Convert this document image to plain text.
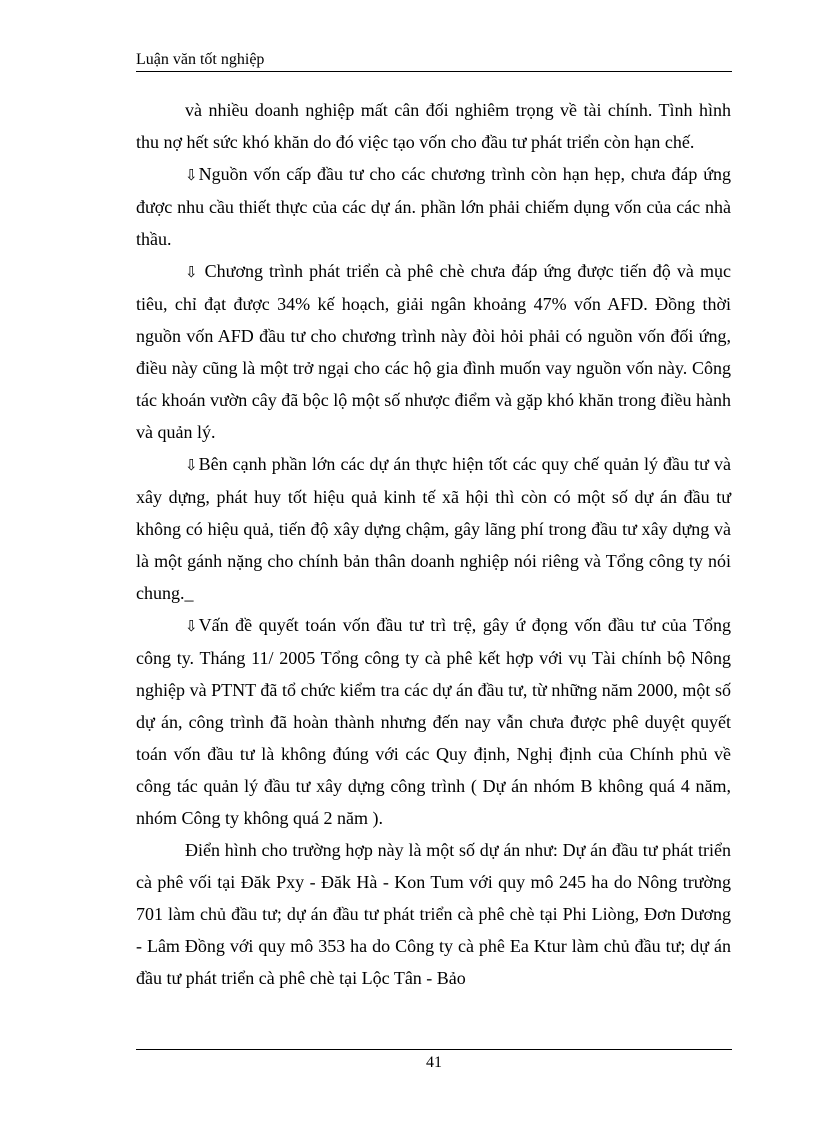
Luận văn tốt nghiệp

và nhiều doanh nghiệp mất cân đối nghiêm trọng về tài chính. Tình hình thu nợ hết sức khó khăn do đó việc tạo vốn cho đầu tư phát triển còn hạn chế.

⇩Nguồn vốn cấp đầu tư cho các chương trình còn hạn hẹp, chưa đáp ứng được nhu cầu thiết thực của các dự án. phần lớn phải chiếm dụng vốn của các nhà thầu.

⇩ Chương trình phát triển cà phê chè chưa đáp ứng được tiến độ và mục tiêu, chỉ đạt được 34% kế hoạch, giải ngân khoảng 47% vốn AFD. Đồng thời nguồn vốn AFD đầu tư cho chương trình này đòi hỏi phải có nguồn vốn đối ứng, điều này cũng là một trở ngại cho các hộ gia đình muốn vay nguồn vốn này. Công tác khoán vườn cây đã bộc lộ một số nhược điểm và gặp khó khăn trong điều hành và quản lý.

⇩Bên cạnh phần lớn các dự án thực hiện tốt các quy chế quản lý đầu tư và xây dựng, phát huy tốt hiệu quả kinh tế xã hội thì còn có một số dự án đầu tư không có hiệu quả, tiến độ xây dựng chậm, gây lãng phí trong đầu tư xây dựng và là một gánh nặng cho chính bản thân doanh nghiệp nói riêng và Tổng công ty nói chung._

⇩Vấn đề quyết toán vốn đầu tư trì trệ, gây ứ đọng vốn đầu tư của Tổng công ty. Tháng 11/ 2005 Tổng công ty cà phê kết hợp với vụ Tài chính bộ Nông nghiệp và PTNT đã tổ chức kiểm tra các dự án đầu tư, từ những năm 2000, một số dự án, công trình đã hoàn thành nhưng đến nay vẫn chưa được phê duyệt quyết toán vốn đầu tư là không đúng với các Quy định, Nghị định của Chính phủ về công tác quản lý đầu tư xây dựng công trình ( Dự án nhóm B không quá 4 năm, nhóm Công ty không quá 2 năm ).

Điển hình cho trường hợp này là một số dự án như: Dự án đầu tư phát triển cà phê vối tại Đăk Pxy - Đăk Hà - Kon Tum với quy mô 245 ha do Nông trường 701 làm chủ đầu tư; dự án đầu tư phát triển cà phê chè tại Phi Liòng, Đơn Dương - Lâm Đồng với quy mô 353 ha do Công ty cà phê Ea Ktur làm chủ đầu tư; dự án đầu tư phát triển cà phê chè tại Lộc Tân - Bảo

41
